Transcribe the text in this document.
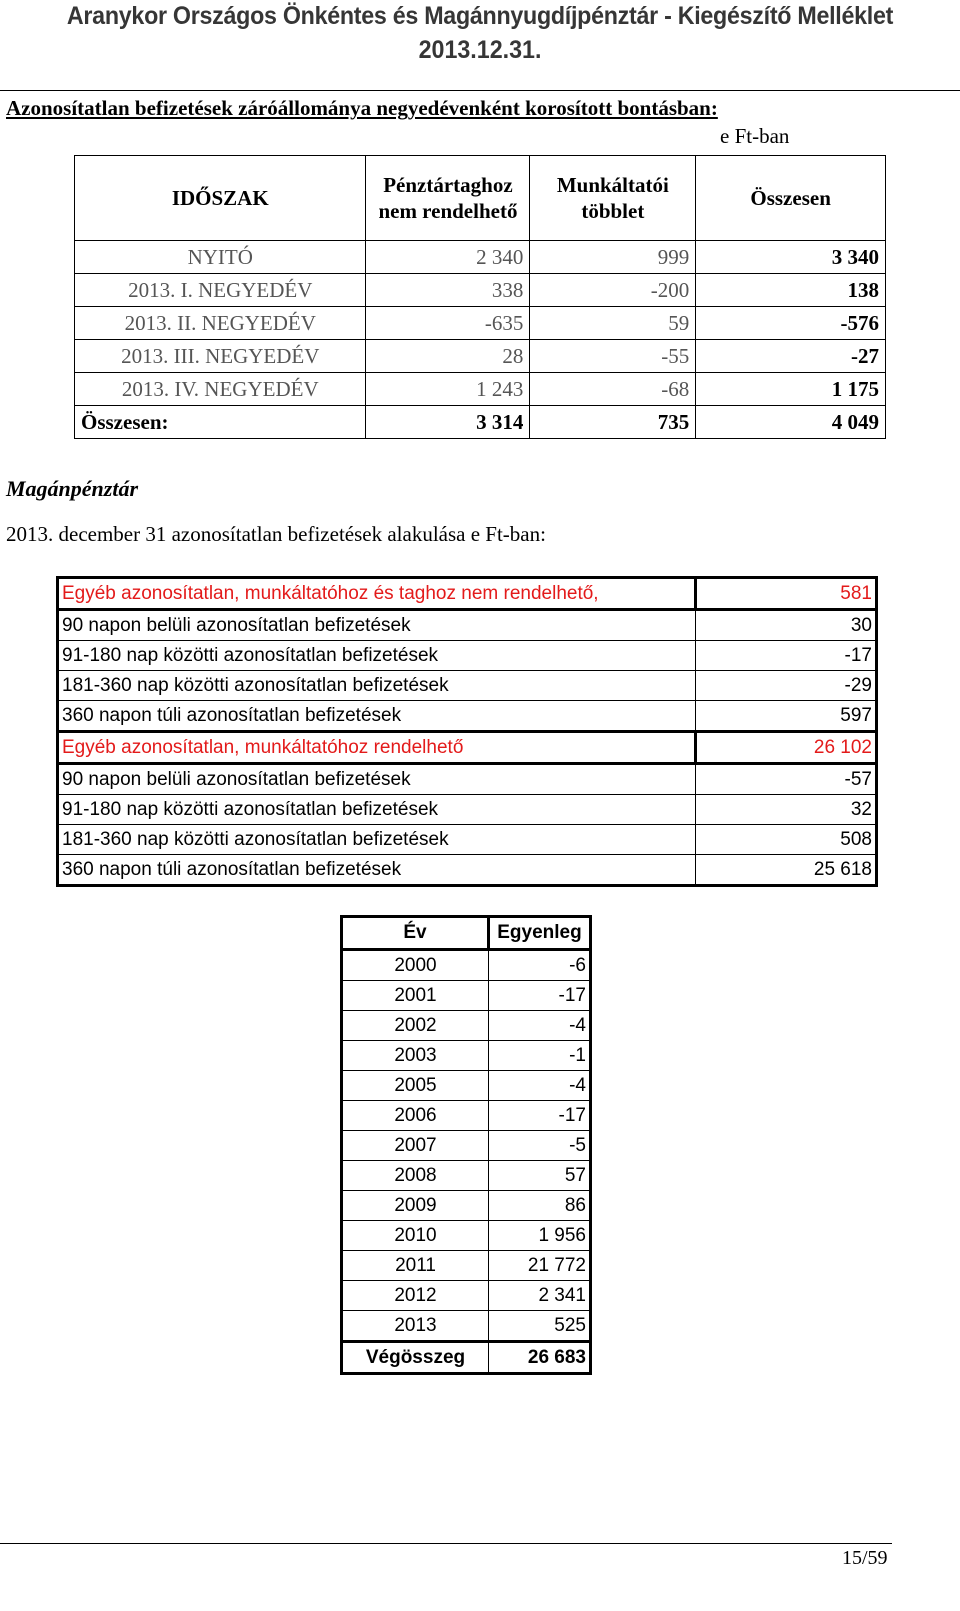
Aranykor Országos Önkéntes és Magánnyugdíjpénztár - Kiegészítő Melléklet
2013.12.31.
Azonosítatlan befizetések záróállománya negyedévenként korosított bontásban:
e Ft-ban
IDŐSZAK	Pénztártaghoz nem rendelhető	Munkáltatói többlet	Összesen
NYITÓ	2 340	999	3 340
2013. I. NEGYEDÉV	338	-200	138
2013. II. NEGYEDÉV	-635	59	-576
2013. III. NEGYEDÉV	28	-55	-27
2013. IV. NEGYEDÉV	1 243	-68	1 175
Összesen:	3 314	735	4 049
Magánpénztár
2013. december 31 azonosítatlan befizetések alakulása e Ft-ban:
Egyéb azonosítatlan, munkáltatóhoz és taghoz nem rendelhető,	581
90 napon belüli azonosítatlan befizetések	30
91-180 nap közötti azonosítatlan befizetések	-17
181-360 nap közötti azonosítatlan befizetések	-29
360 napon túli azonosítatlan befizetések	597
Egyéb azonosítatlan, munkáltatóhoz rendelhető	26 102
90 napon belüli azonosítatlan befizetések	-57
91-180 nap közötti azonosítatlan befizetések	32
181-360 nap közötti azonosítatlan befizetések	508
360 napon túli azonosítatlan befizetések	25 618
Év	Egyenleg
2000	-6
2001	-17
2002	-4
2003	-1
2005	-4
2006	-17
2007	-5
2008	57
2009	86
2010	1 956
2011	21 772
2012	2 341
2013	525
Végösszeg	26 683
15/59
